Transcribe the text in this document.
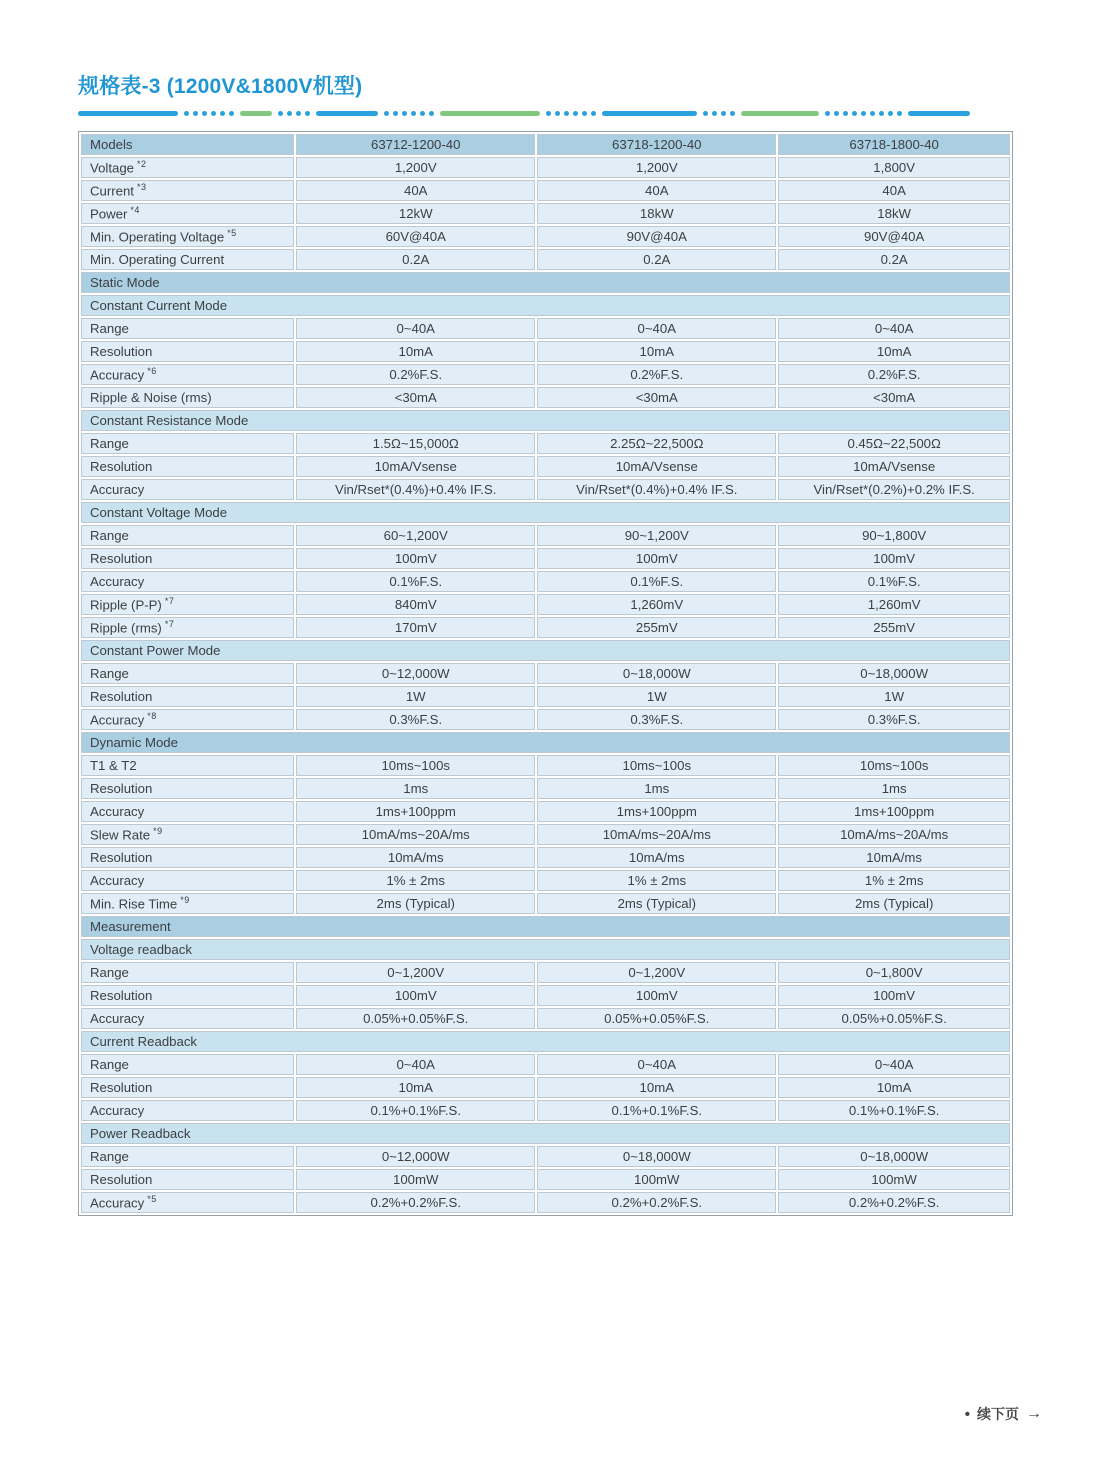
规格表-3 (1200V&1800V机型)
Models	63712-1200-40	63718-1200-40	63718-1800-40
Voltage $^{*2}$	1,200V	1,200V	1,800V
Current $^{*3}$	40A	40A	40A
Power $^{*4}$	12kW	18kW	18kW
Min. Operating Voltage $^{*5}$	60V@40A	90V@40A	90V@40A
Min. Operating Current	0.2A	0.2A	0.2A
Static Mode			
Constant Current Mode			
Range	0~40A	0~40A	0~40A
Resolution	10mA	10mA	10mA
Accuracy $^{*6}$	0.2%F.S.	0.2%F.S.	0.2%F.S.
Ripple & Noise (rms)	<30mA	<30mA	<30mA
Constant Resistance Mode			
Range	1.5Ω~15,000Ω	2.25Ω~22,500Ω	0.45Ω~22,500Ω
Resolution	10mA/Vsense	10mA/Vsense	10mA/Vsense
Accuracy	Vin/Rset*(0.4%)+0.4% IF.S.	Vin/Rset*(0.4%)+0.4% IF.S.	Vin/Rset*(0.2%)+0.2% IF.S.
Constant Voltage Mode			
Range	60~1,200V	90~1,200V	90~1,800V
Resolution	100mV	100mV	100mV
Accuracy	0.1%F.S.	0.1%F.S.	0.1%F.S.
Ripple (P-P) $^{*7}$	840mV	1,260mV	1,260mV
Ripple (rms) $^{*7}$	170mV	255mV	255mV
Constant Power Mode			
Range	0~12,000W	0~18,000W	0~18,000W
Resolution	1W	1W	1W
Accuracy $^{*8}$	0.3%F.S.	0.3%F.S.	0.3%F.S.
Dynamic Mode			
T1 & T2	10ms~100s	10ms~100s	10ms~100s
Resolution	1ms	1ms	1ms
Accuracy	1ms+100ppm	1ms+100ppm	1ms+100ppm
Slew Rate $^{*9}$	10mA/ms~20A/ms	10mA/ms~20A/ms	10mA/ms~20A/ms
Resolution	10mA/ms	10mA/ms	10mA/ms
Accuracy	1% ± 2ms	1% ± 2ms	1% ± 2ms
Min. Rise Time $^{*9}$	2ms (Typical)	2ms (Typical)	2ms (Typical)
Measurement			
Voltage readback			
Range	0~1,200V	0~1,200V	0~1,800V
Resolution	100mV	100mV	100mV
Accuracy	0.05%+0.05%F.S.	0.05%+0.05%F.S.	0.05%+0.05%F.S.
Current Readback			
Range	0~40A	0~40A	0~40A
Resolution	10mA	10mA	10mA
Accuracy	0.1%+0.1%F.S.	0.1%+0.1%F.S.	0.1%+0.1%F.S.
Power Readback			
Range	0~12,000W	0~18,000W	0~18,000W
Resolution	100mW	100mW	100mW
Accuracy $^{*5}$	0.2%+0.2%F.S.	0.2%+0.2%F.S.	0.2%+0.2%F.S.
• 续下页 →
